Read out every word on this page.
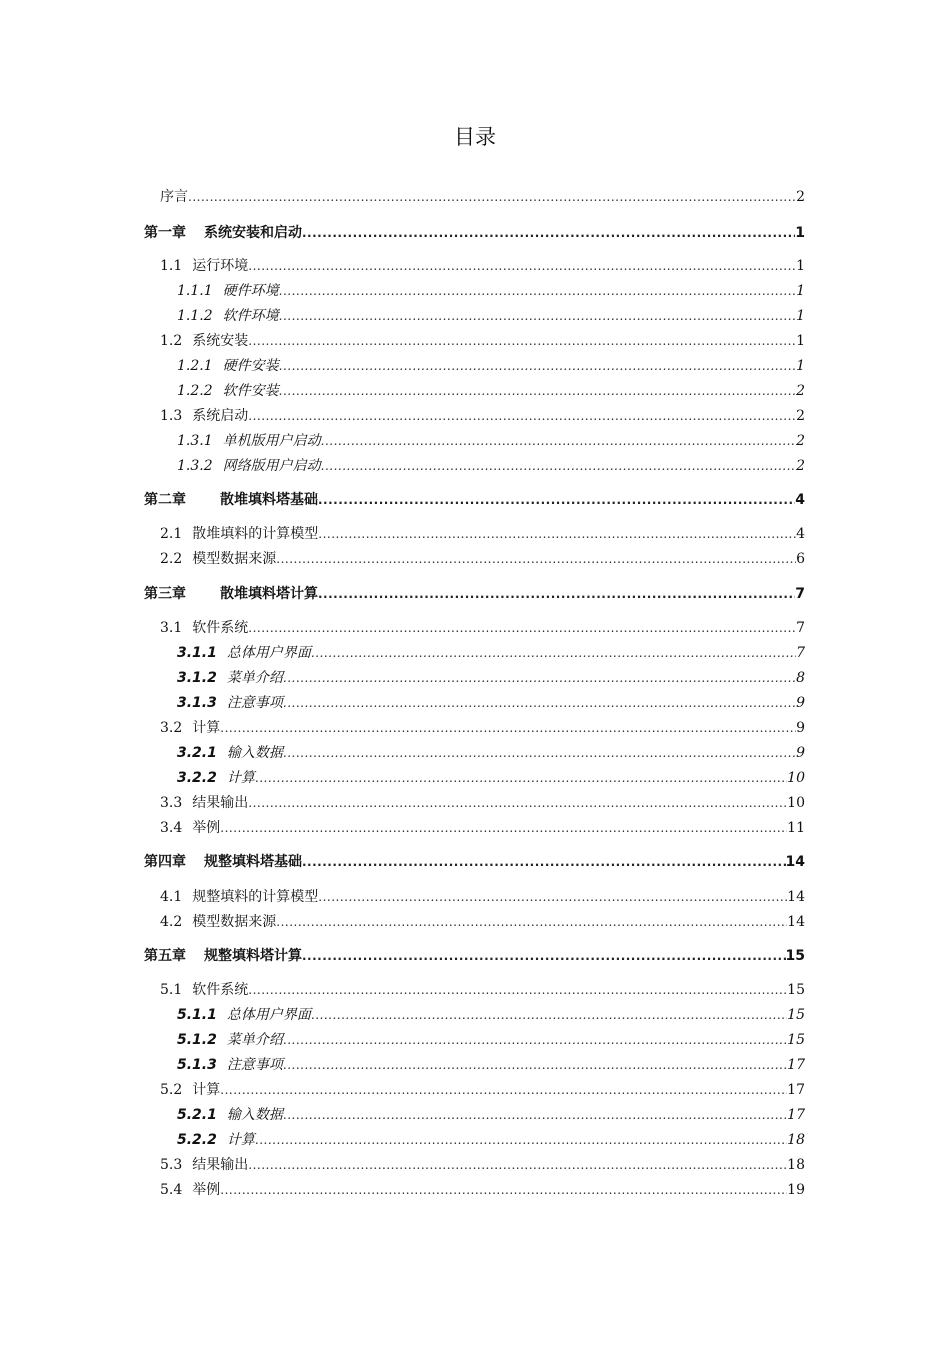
目录
序言 .....	2
第一章 系统安装和启动 .....	1
1.1 运行环境 .....	1
1.1.1 硬件环境 .....	1
1.1.2 软件环境 .....	1
1.2 系统安装 .....	1
1.2.1 硬件安装 .....	1
1.2.2 软件安装 .....	2
1.3 系统启动 .....	2
1.3.1 单机版用户启动 .....	2
1.3.2 网络版用户启动 .....	2
第二章 散堆填料塔基础 .....	4
2.1 散堆填料的计算模型 .....	4
2.2 模型数据来源 .....	6
第三章 散堆填料塔计算 .....	7
3.1 软件系统 .....	7
3.1.1 总体用户界面 .....	7
3.1.2 菜单介绍 .....	8
3.1.3 注意事项 .....	9
3.2 计算 .....	9
3.2.1 输入数据 .....	9
3.2.2 计算 .....	10
3.3 结果输出 .....	10
3.4 举例 .....	11
第四章 规整填料塔基础 .....	14
4.1 规整填料的计算模型 .....	14
4.2 模型数据来源 .....	14
第五章 规整填料塔计算 .....	15
5.1 软件系统 .....	15
5.1.1 总体用户界面 .....	15
5.1.2 菜单介绍 .....	15
5.1.3 注意事项 .....	17
5.2 计算 .....	17
5.2.1 输入数据 .....	17
5.2.2 计算 .....	18
5.3 结果输出 .....	18
5.4 举例 .....	19
